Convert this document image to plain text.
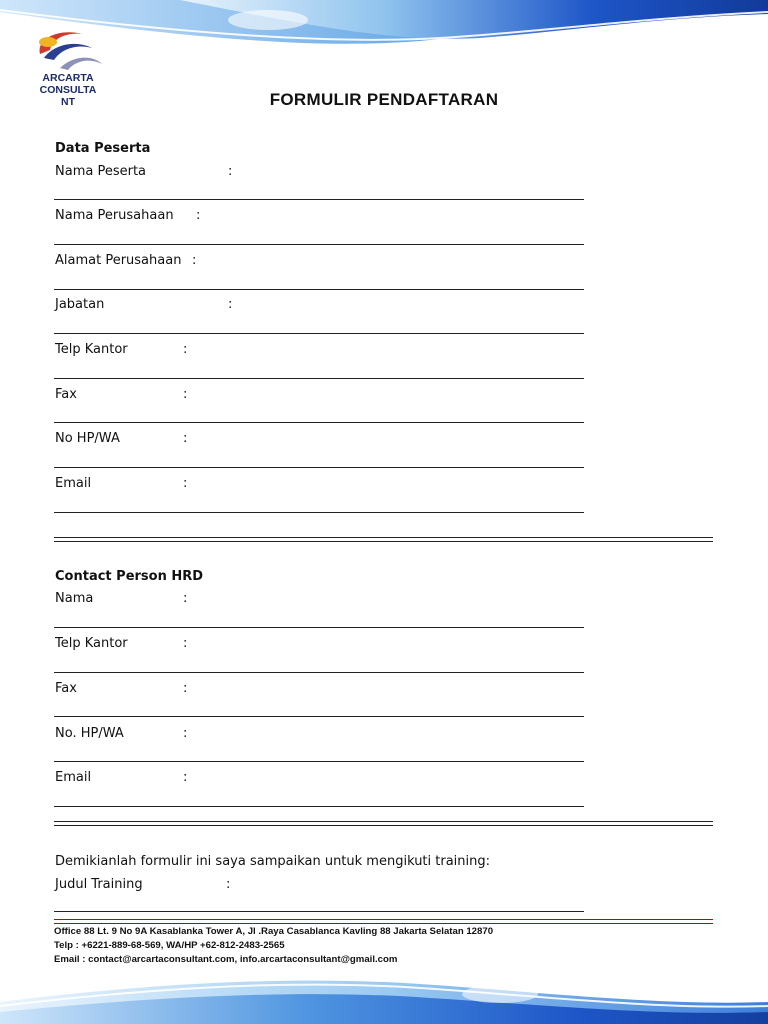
ARCARTA
CONSULTA
NT	FORMULIR PENDAFTARAN
Data Peserta
Nama Peserta	:
Nama Perusahaan :
Alamat Perusahaan :
Jabatan	:
Telp Kantor	:
Fax	:
No HP/WA	:
Email	:
Contact Person HRD
Nama	:
Telp Kantor	:
Fax	:
No. HP/WA	:
Email	:
Demikianlah formulir ini saya sampaikan untuk mengikuti training:
Judul Training	:
Office 88 Lt. 9 No 9A Kasablanka Tower A, Jl .Raya Casablanca Kavling 88 Jakarta Selatan 12870
Telp : +6221-889-68-569, WA/HP +62-812-2483-2565
Email : contact@arcartaconsultant.com, info.arcartaconsultant@gmail.com
